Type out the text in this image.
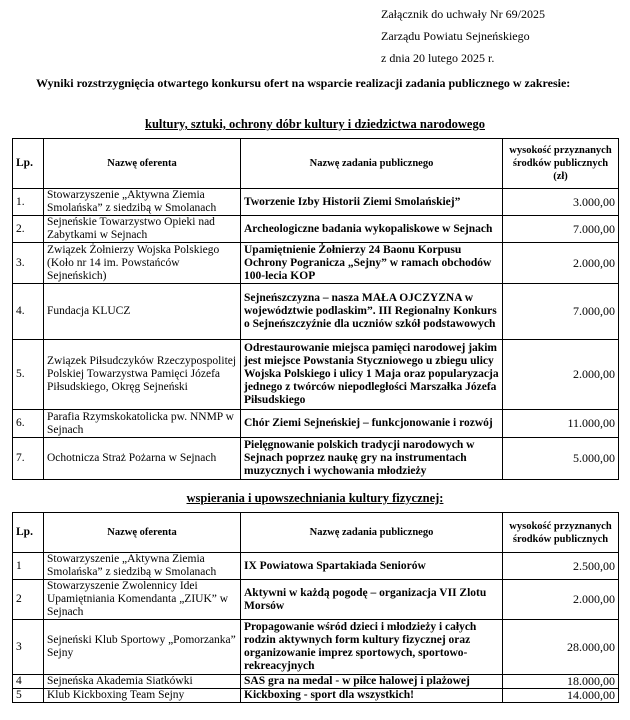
Załącznik do uchwały Nr 69/2025
Zarządu Powiatu Sejneńskiego
z dnia 20 lutego 2025 r.
Wyniki rozstrzygnięcia otwartego konkursu ofert na wsparcie realizacji zadania publicznego w zakresie:
kultury, sztuki, ochrony dóbr kultury i dziedzictwa narodowego
Lp.	Nazwę oferenta	Nazwę zadania publicznego	wysokość przyznanych środków publicznych (zł)
1.	Stowarzyszenie „Aktywna Ziemia Smolańska” z siedzibą w Smolanach	Tworzenie Izby Historii Ziemi Smolańskiej”	3.000,00
2.	Sejneńskie Towarzystwo Opieki nad Zabytkami w Sejnach	Archeologiczne badania wykopaliskowe w Sejnach	7.000,00
3.	Związek Żołnierzy Wojska Polskiego (Koło nr 14 im. Powstańców Sejneńskich)	Upamiętnienie Żołnierzy 24 Baonu Korpusu Ochrony Pogranicza „Sejny” w ramach obchodów 100-lecia KOP	2.000,00
4.	Fundacja KLUCZ	Sejneńszczyzna – nasza MAŁA OJCZYZNA w województwie podlaskim”. III Regionalny Konkurs o Sejneńszczyźnie dla uczniów szkół podstawowych	7.000,00
5.	Związek Piłsudczyków Rzeczypospolitej Polskiej Towarzystwa Pamięci Józefa Piłsudskiego, Okręg Sejneński	Odrestaurowanie miejsca pamięci narodowej jakim jest miejsce Powstania Styczniowego u zbiegu ulicy Wojska Polskiego i ulicy 1 Maja oraz popularyzacja jednego z twórców niepodległości Marszałka Józefa Piłsudskiego	2.000,00
6.	Parafia Rzymskokatolicka pw. NNMP w Sejnach	Chór Ziemi Sejneńskiej – funkcjonowanie i rozwój	11.000,00
7.	Ochotnicza Straż Pożarna w Sejnach	Pielęgnowanie polskich tradycji narodowych w Sejnach poprzez naukę gry na instrumentach muzycznych i wychowania młodzieży	5.000,00
wspierania i upowszechniania kultury fizycznej:
Lp.	Nazwę oferenta	Nazwę zadania publicznego	wysokość przyznanych środków publicznych
1	Stowarzyszenie „Aktywna Ziemia Smolańska” z siedzibą w Smolanach	IX Powiatowa Spartakiada Seniorów	2.500,00
2	Stowarzyszenie Zwolennicy Idei Upamiętniania Komendanta „ZIUK” w Sejnach	Aktywni w każdą pogodę – organizacja VII Zlotu Morsów	2.000,00
3	Sejneński Klub Sportowy „Pomorzanka” Sejny	Propagowanie wśród dzieci i młodzieży i całych rodzin aktywnych form kultury fizycznej oraz organizowanie imprez sportowych, sportowo-rekreacyjnych	28.000,00
4	Sejneńska Akademia Siatkówki	SAS gra na medal - w piłce halowej i plażowej	18.000,00
5	Klub Kickboxing Team Sejny	Kickboxing - sport dla wszystkich!	14.000,00
